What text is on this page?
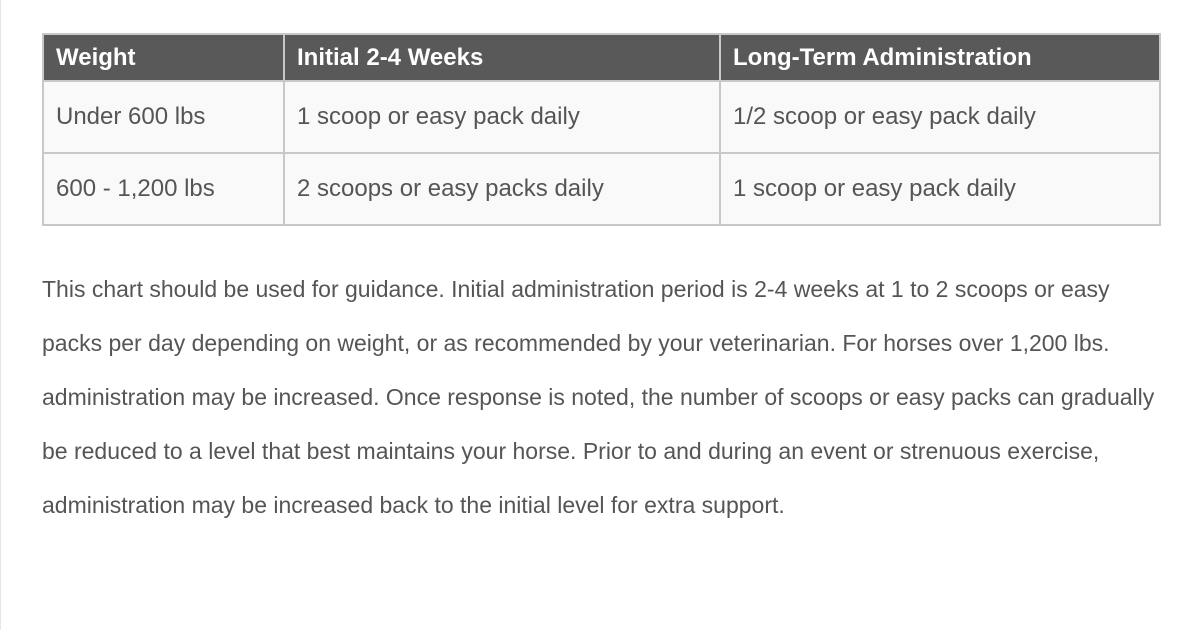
Weight	Initial 2-4 Weeks	Long-Term Administration
Under 600 lbs	1 scoop or easy pack daily	1/2 scoop or easy pack daily
600 - 1,200 lbs	2 scoops or easy packs daily	1 scoop or easy pack daily

This chart should be used for guidance. Initial administration period is 2-4 weeks at 1 to 2 scoops or easy packs per day depending on weight, or as recommended by your veterinarian. For horses over 1,200 lbs. administration may be increased. Once response is noted, the number of scoops or easy packs can gradually be reduced to a level that best maintains your horse. Prior to and during an event or strenuous exercise, administration may be increased back to the initial level for extra support.
